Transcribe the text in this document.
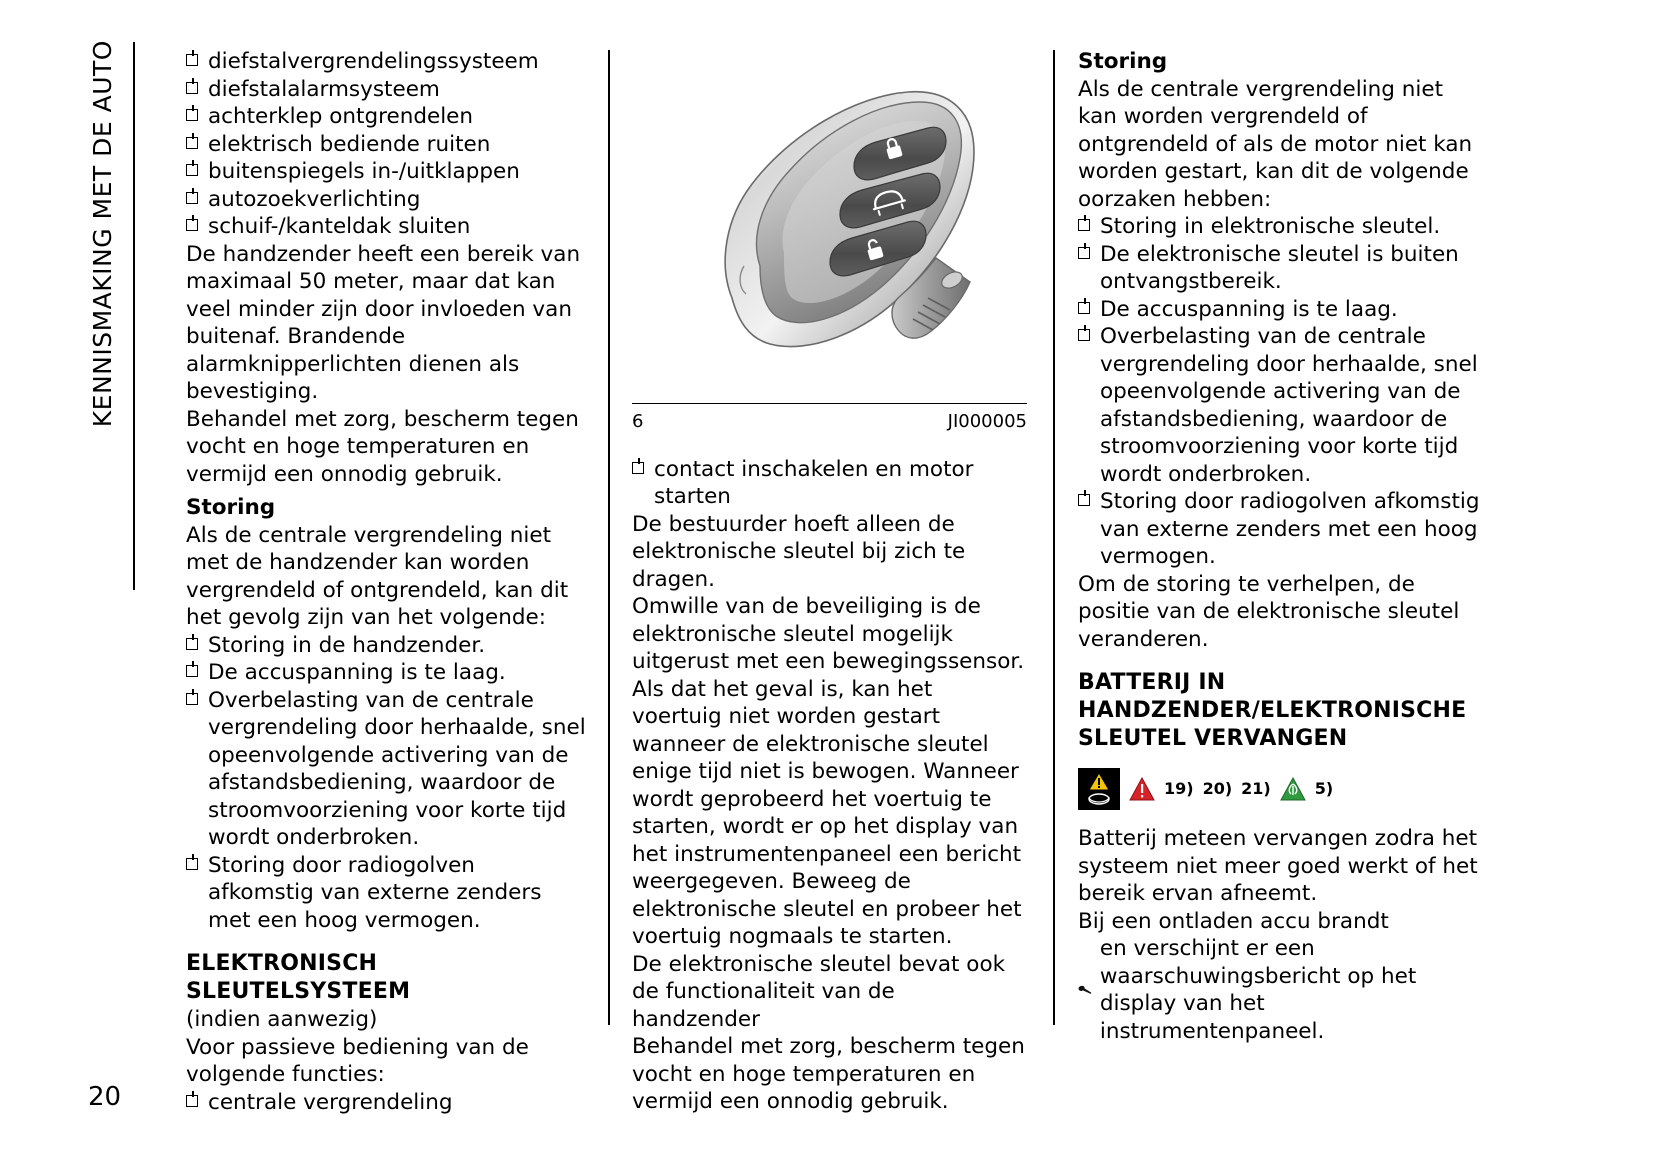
KENNISMAKING MET DE AUTO
20
diefstalvergrendelingssysteem
diefstalalarmsysteem
achterklep ontgrendelen
elektrisch bediende ruiten
buitenspiegels in-/uitklappen
autozoekverlichting
schuif-/kanteldak sluiten

De handzender heeft een bereik van maximaal 50 meter, maar dat kan veel minder zijn door invloeden van buitenaf. Brandende alarmknipperlichten dienen als bevestiging.

Behandel met zorg, bescherm tegen vocht en hoge temperaturen en vermijd een onnodig gebruik.

Storing

Als de centrale vergrendeling niet met de handzender kan worden vergrendeld of ontgrendeld, kan dit het gevolg zijn van het volgende:

Storing in de handzender.
De accuspanning is te laag.
Overbelasting van de centrale vergrendeling door herhaalde, snel opeenvolgende activering van de afstandsbediening, waardoor de stroomvoorziening voor korte tijd wordt onderbroken.
Storing door radiogolven afkomstig van externe zenders met een hoog vermogen.
ELEKTRONISCH SLEUTELSYSTEEM

(indien aanwezig)

Voor passieve bediening van de volgende functies:

centrale vergrendeling
6	JI000005
contact inschakelen en motor starten

De bestuurder hoeft alleen de elektronische sleutel bij zich te dragen.

Omwille van de beveiliging is de elektronische sleutel mogelijk uitgerust met een bewegingssensor. Als dat het geval is, kan het voertuig niet worden gestart wanneer de elektronische sleutel enige tijd niet is bewogen. Wanneer wordt geprobeerd het voertuig te starten, wordt er op het display van het instrumentenpaneel een bericht weergegeven. Beweeg de elektronische sleutel en probeer het voertuig nogmaals te starten.

De elektronische sleutel bevat ook de functionaliteit van de handzender

Behandel met zorg, bescherm tegen vocht en hoge temperaturen en vermijd een onnodig gebruik.

Storing

Als de centrale vergrendeling niet kan worden vergrendeld of ontgrendeld of als de motor niet kan worden gestart, kan dit de volgende oorzaken hebben:

Storing in elektronische sleutel.
De elektronische sleutel is buiten ontvangstbereik.
De accuspanning is te laag.
Overbelasting van de centrale vergrendeling door herhaalde, snel opeenvolgende activering van de afstandsbediening, waardoor de stroomvoorziening voor korte tijd wordt onderbroken.
Storing door radiogolven afkomstig van externe zenders met een hoog vermogen.

Om de storing te verhelpen, de positie van de elektronische sleutel veranderen.

BATTERIJ IN HANDZENDER/ELEKTRONISCHE SLEUTEL VERVANGEN
19) 20) 21)	5)

Batterij meteen vervangen zodra het systeem niet meer goed werkt of het bereik ervan afneemt.

Bij een ontladen accu brandt

en verschijnt er een waarschuwingsbericht op het display van het instrumentenpaneel.
